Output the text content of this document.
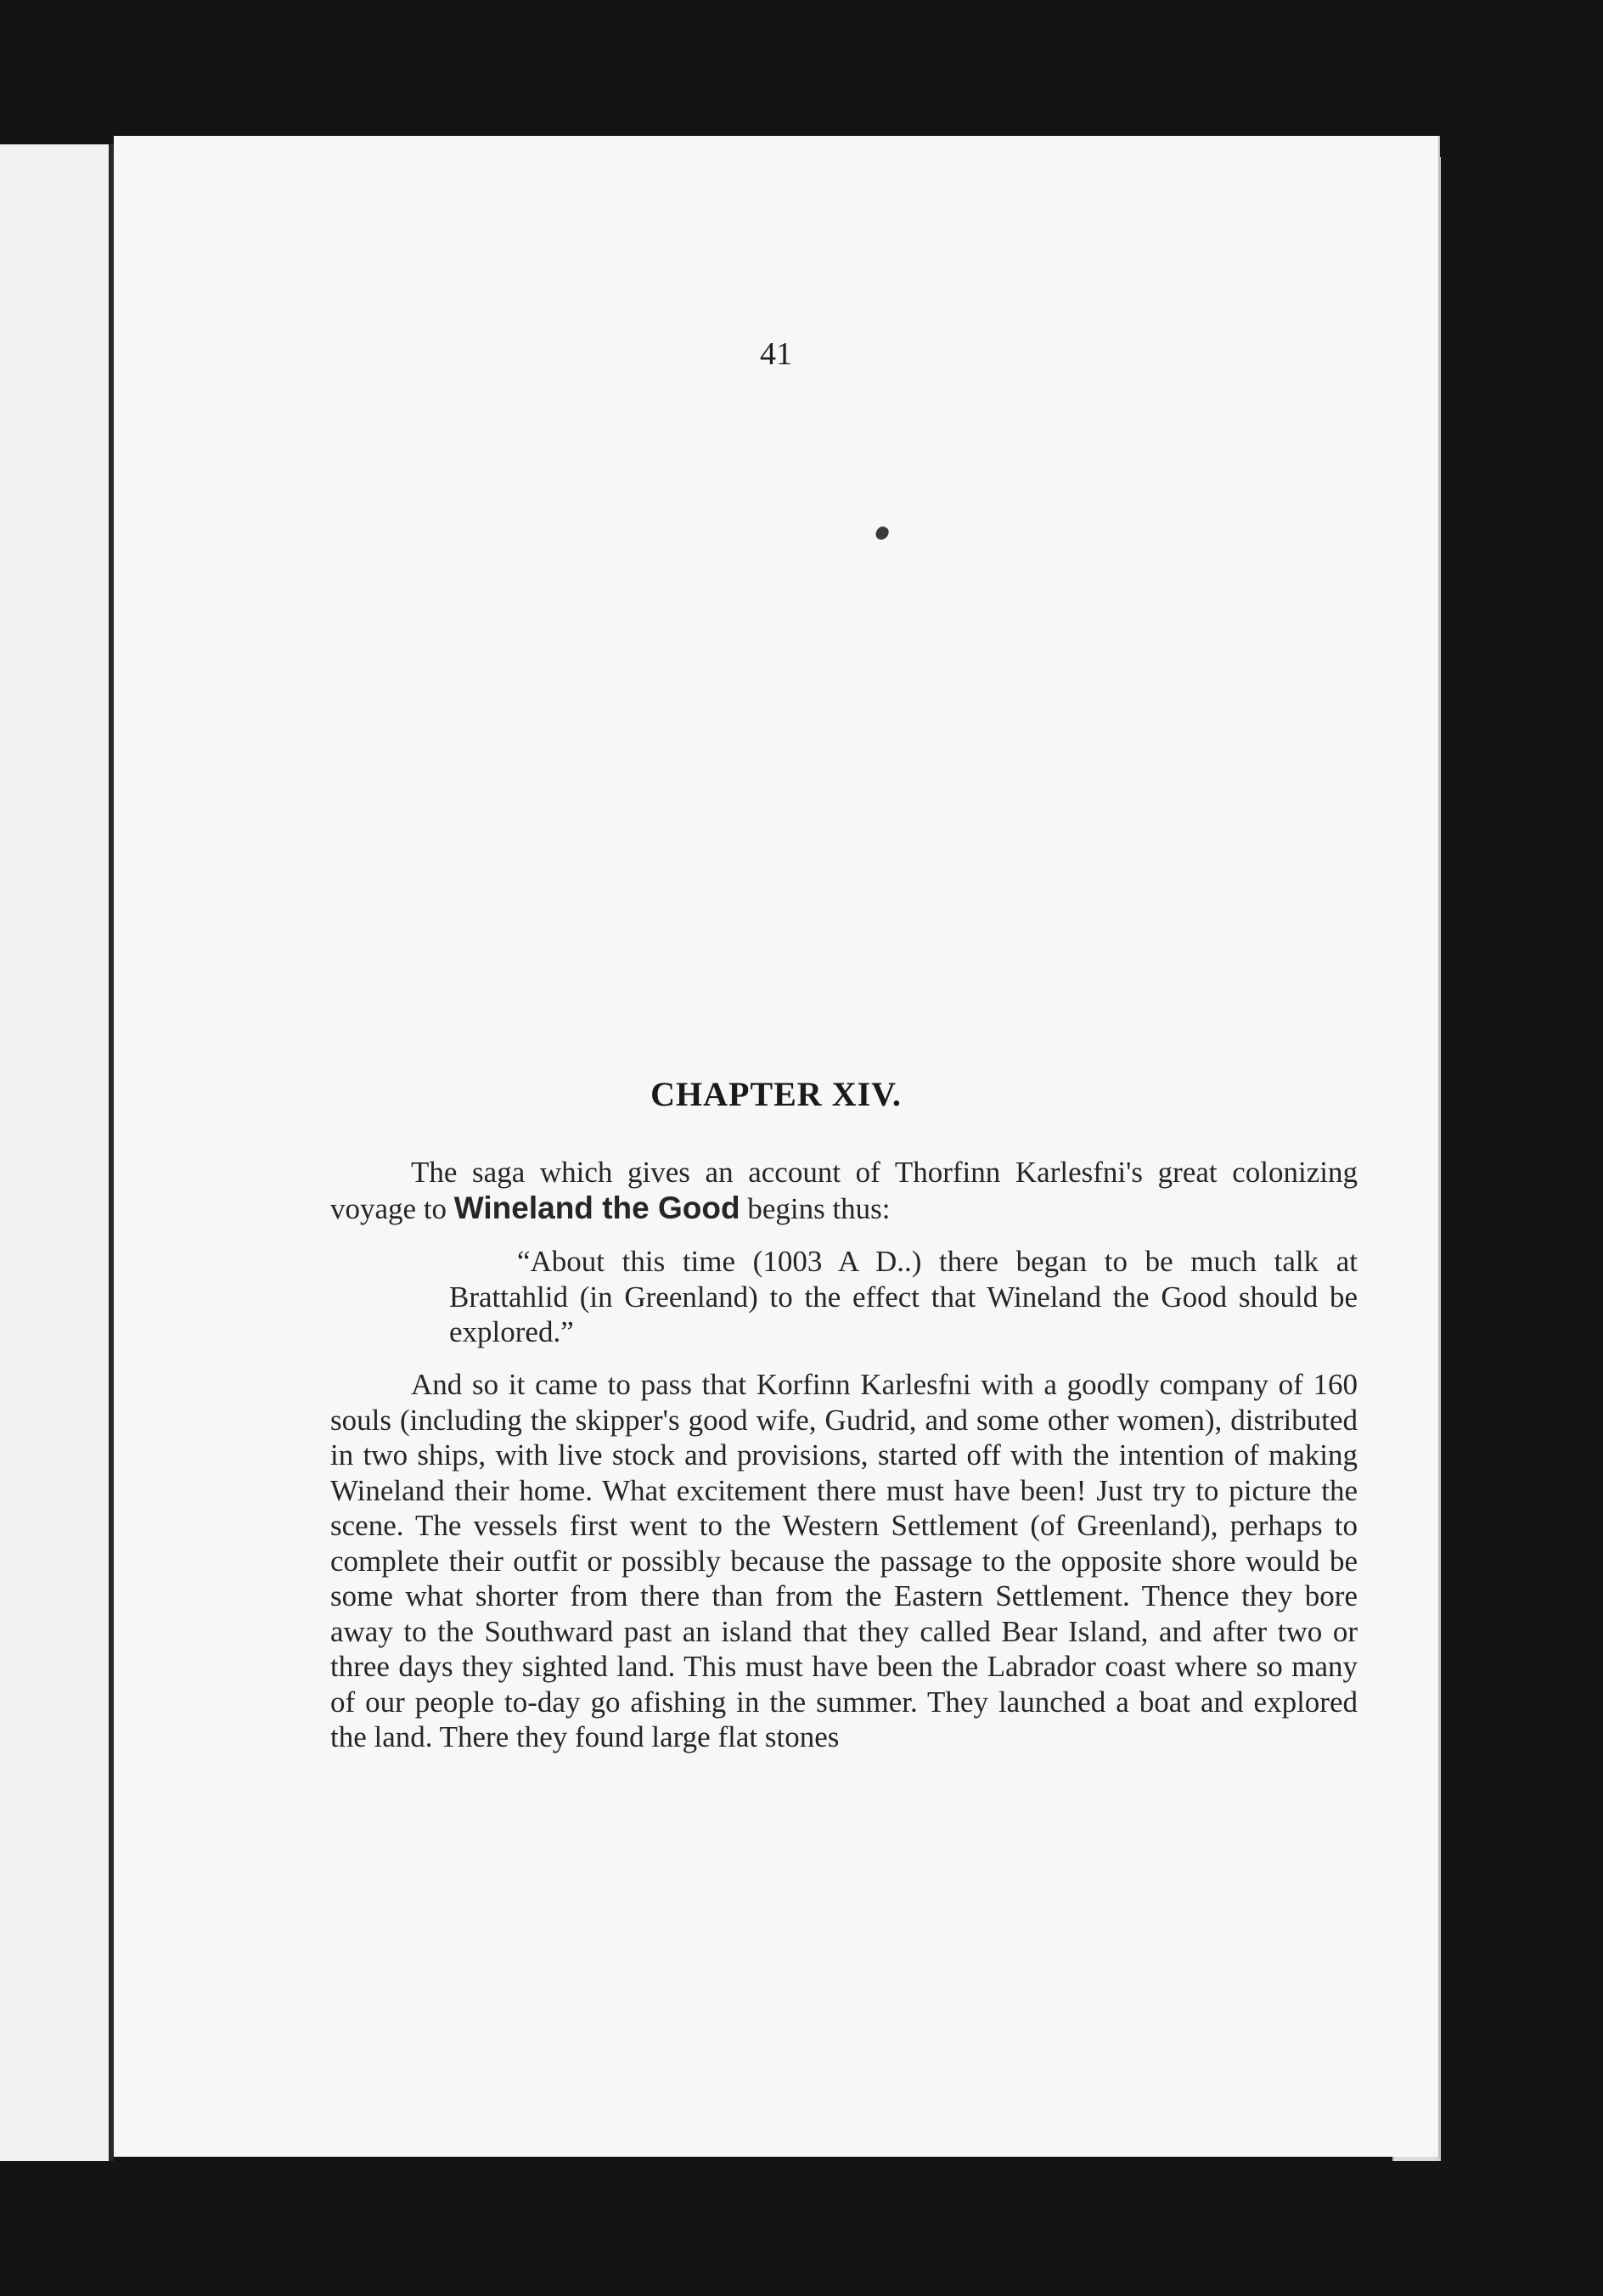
41
CHAPTER XIV.
The saga which gives an account of Thorfinn Karlesfni's great colonizing voyage to Wineland the Good begins thus:
“About this time (1003 A D..) there began to be much talk at Brattahlid (in Greenland) to the effect that Wineland the Good should be explored.”
And so it came to pass that Korfinn Karlesfni with a goodly company of 160 souls (including the skipper's good wife, Gudrid, and some other women), distributed in two ships, with live stock and provisions, started off with the intention of making Wineland their home. What excitement there must have been! Just try to picture the scene. The vessels first went to the Western Settlement (of Greenland), perhaps to complete their outfit or possibly because the passage to the opposite shore would be some what shorter from there than from the Eastern Settlement. Thence they bore away to the Southward past an island that they called Bear Island, and after two or three days they sighted land. This must have been the Labrador coast where so many of our people to-day go afishing in the summer. They launched a boat and explored the land. There they found large flat stones
